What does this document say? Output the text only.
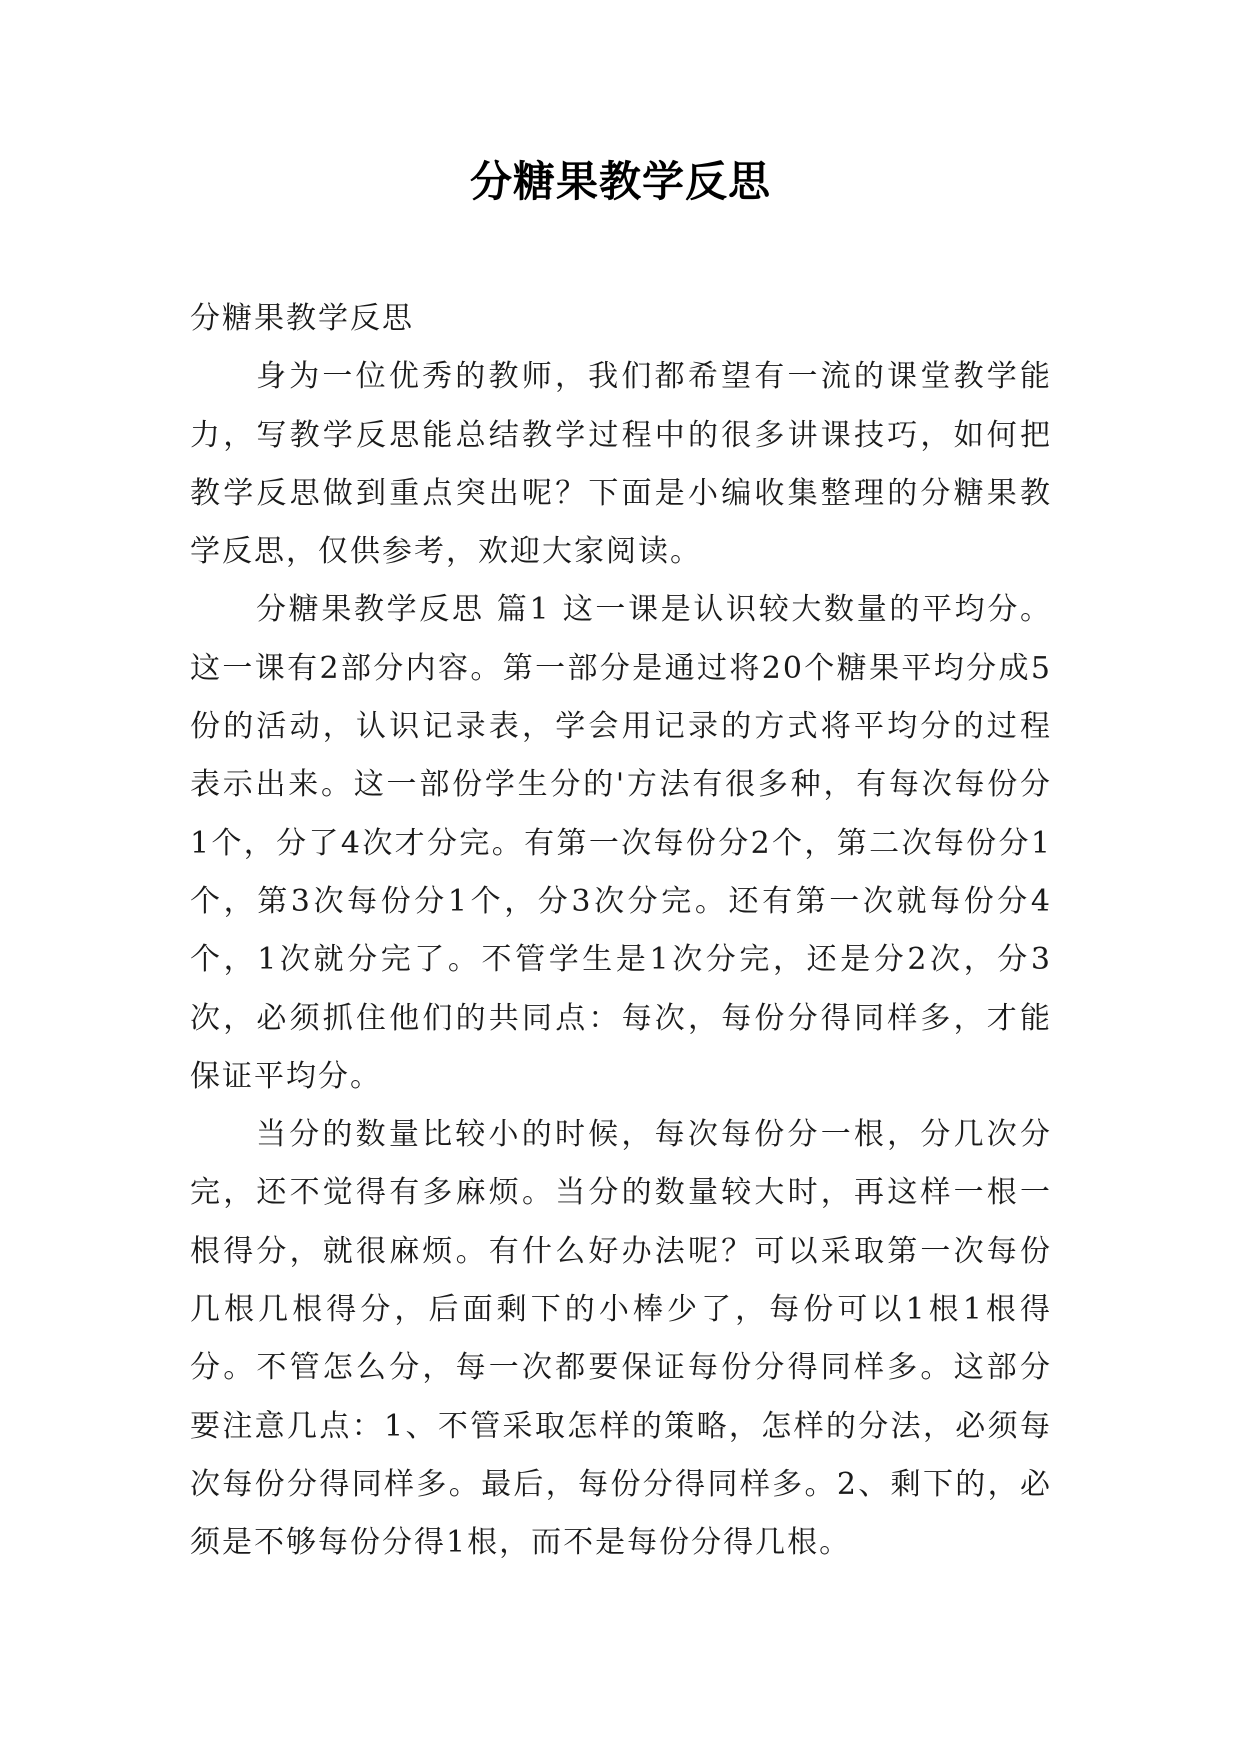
分糖果教学反思

分糖果教学反思

身为一位优秀的教师，我们都希望有一流的课堂教学能力，写教学反思能总结教学过程中的很多讲课技巧，如何把教学反思做到重点突出呢？下面是小编收集整理的分糖果教学反思，仅供参考，欢迎大家阅读。

分糖果教学反思 篇1 这一课是认识较大数量的平均分。这一课有2部分内容。第一部分是通过将20个糖果平均分成5份的活动，认识记录表，学会用记录的方式将平均分的过程表示出来。这一部份学生分的'方法有很多种，有每次每份分1个，分了4次才分完。有第一次每份分2个，第二次每份分1个，第3次每份分1个，分3次分完。还有第一次就每份分4个，1次就分完了。不管学生是1次分完，还是分2次，分3次，必须抓住他们的共同点：每次，每份分得同样多，才能保证平均分。

当分的数量比较小的时候，每次每份分一根，分几次分完，还不觉得有多麻烦。当分的数量较大时，再这样一根一根得分，就很麻烦。有什么好办法呢？可以采取第一次每份几根几根得分，后面剩下的小棒少了，每份可以1根1根得分。不管怎么分，每一次都要保证每份分得同样多。这部分要注意几点：1、不管采取怎样的策略，怎样的分法，必须每次每份分得同样多。最后，每份分得同样多。2、剩下的，必须是不够每份分得1根，而不是每份分得几根。
